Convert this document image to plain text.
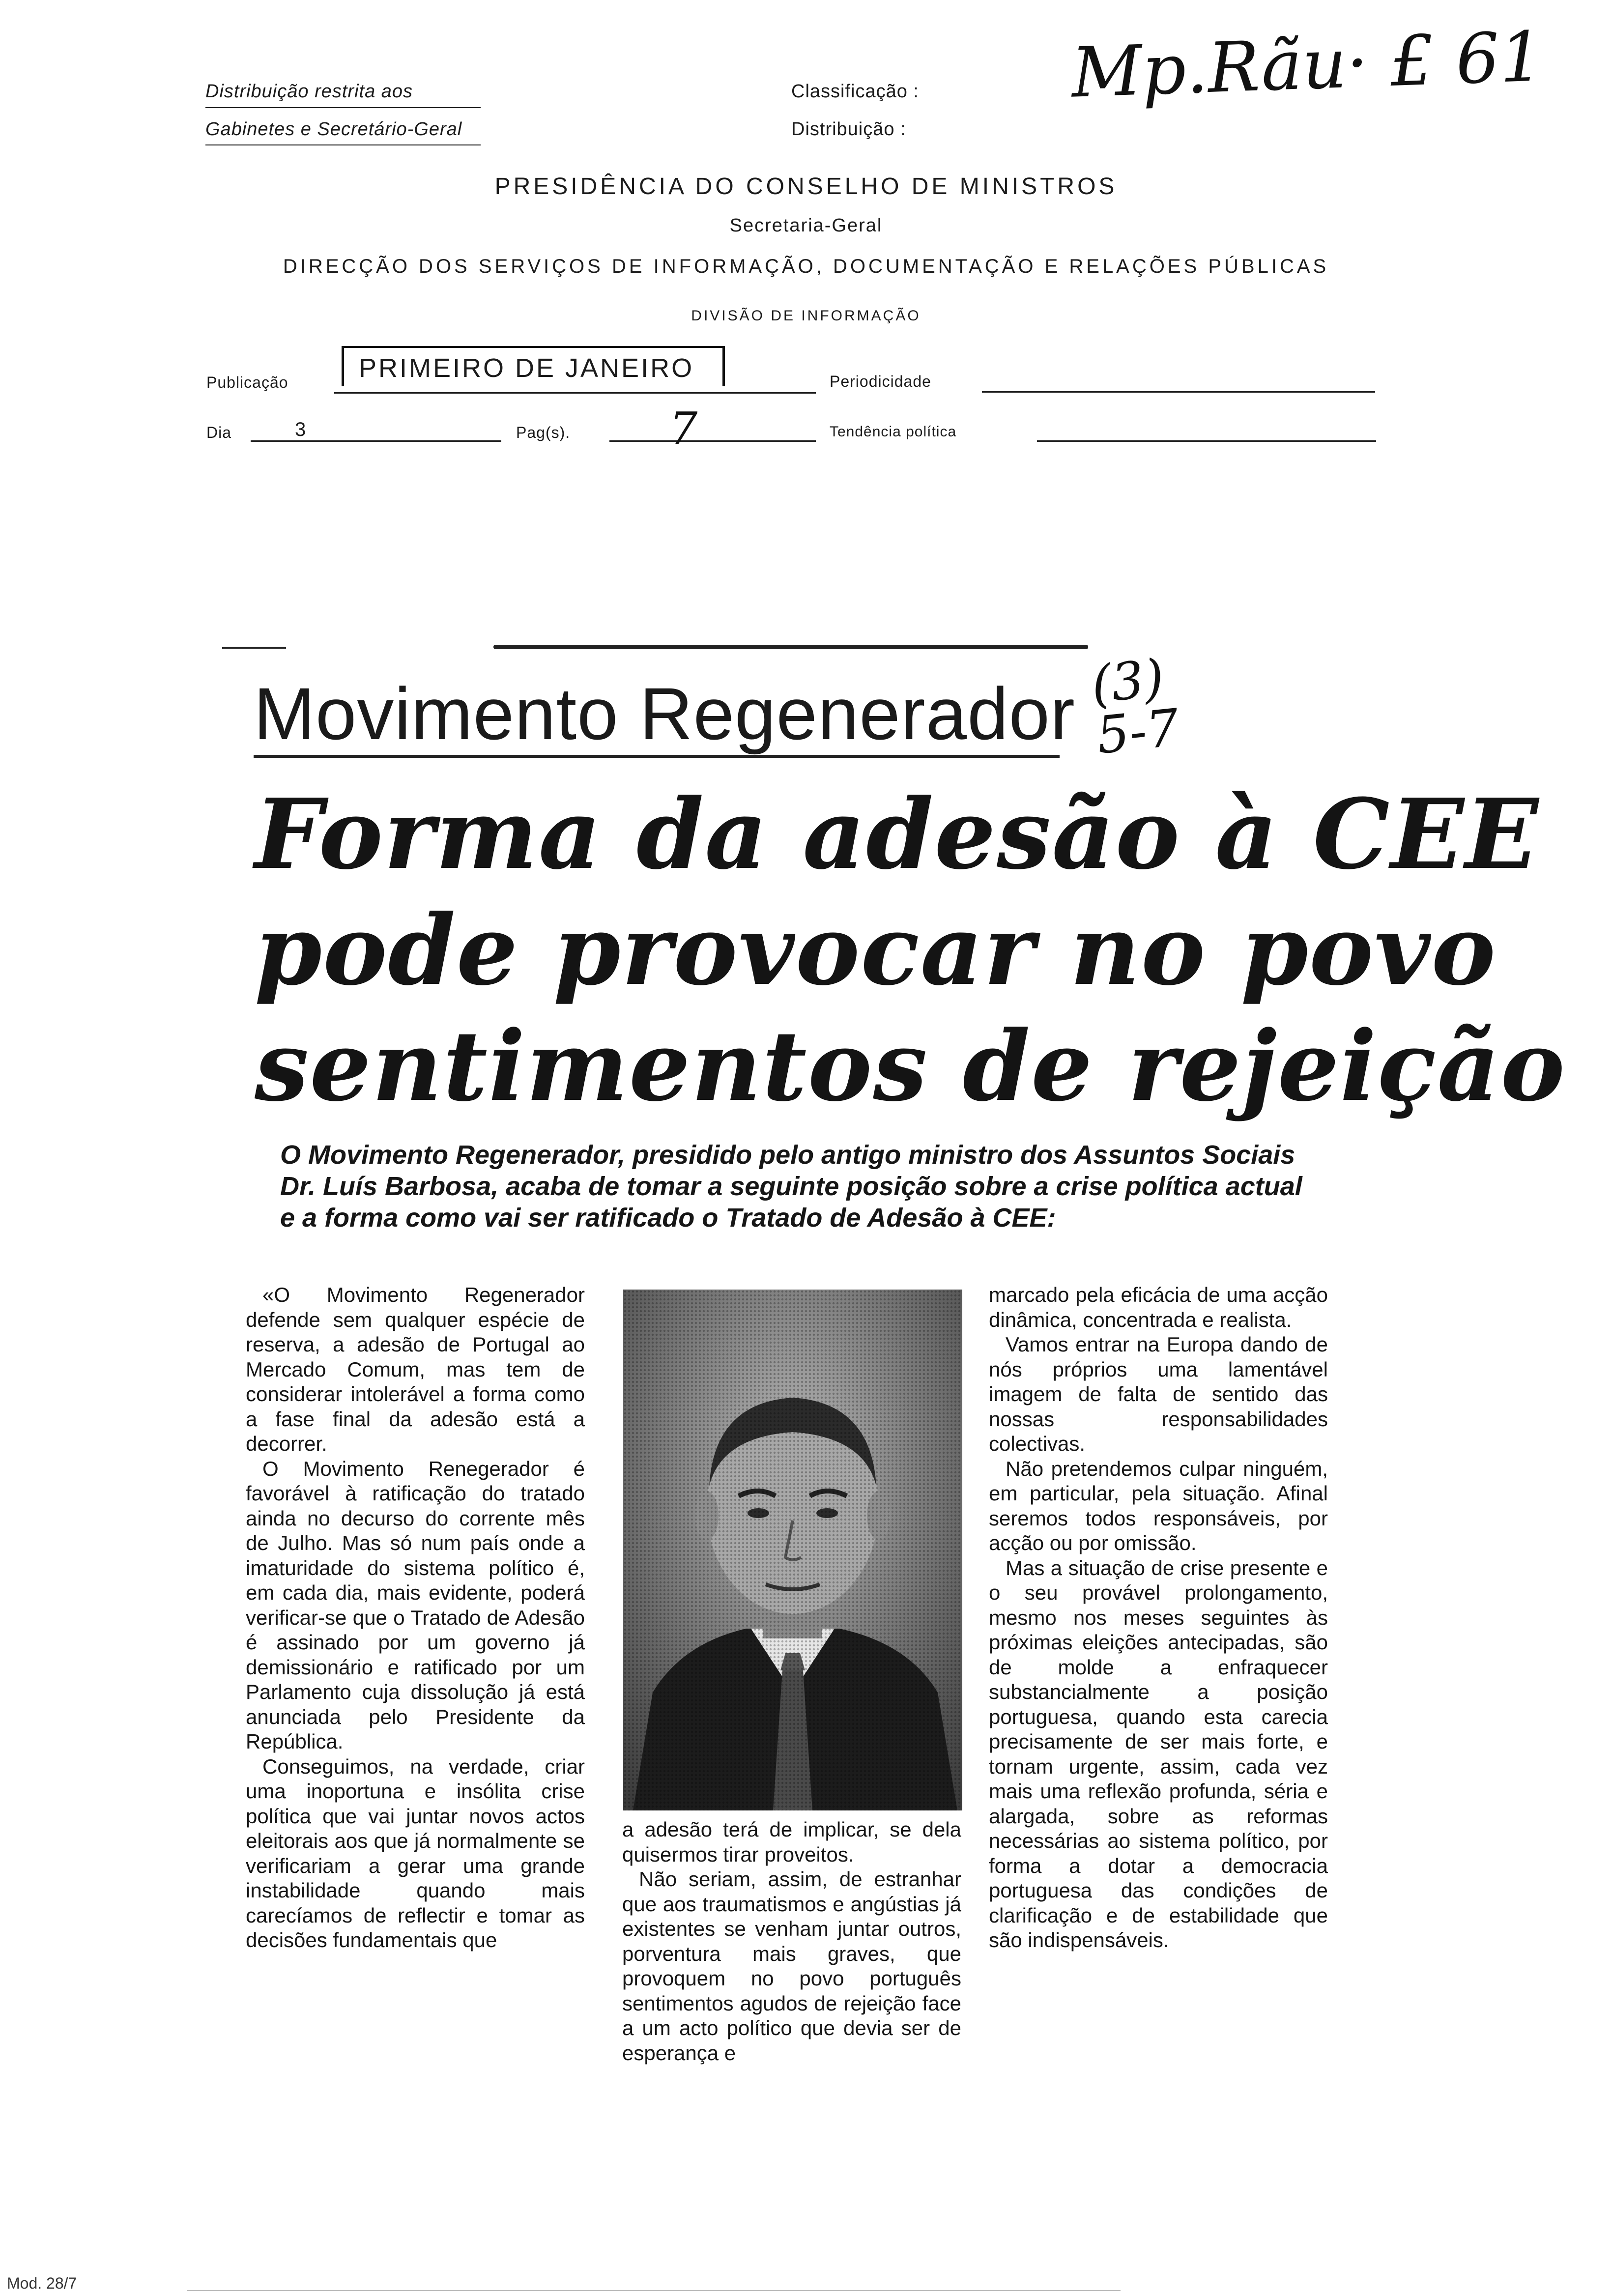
Distribuição restrita aos
Gabinetes e Secretário-Geral
Classificação :
Distribuição :
Mp.Rãu· £ 61
PRESIDÊNCIA DO CONSELHO DE MINISTROS
Secretaria-Geral
DIRECÇÃO DOS SERVIÇOS DE INFORMAÇÃO, DOCUMENTAÇÃO E RELAÇÕES PÚBLICAS
DIVISÃO DE INFORMAÇÃO
Publicação	PRIMEIRO DE JANEIRO	Periodicidade
Dia	3	Pag(s). 7	Tendência política
Movimento Regenerador (3) 5-7
Forma da adesão à CEE
pode provocar no povo
sentimentos de rejeição
O Movimento Regenerador, presidido pelo antigo ministro dos Assuntos Sociais Dr. Luís Barbosa, acaba de tomar a seguinte posição sobre a crise política actual e a forma como vai ser ratificado o Tratado de Adesão à CEE:

«O Movimento Regenerador defende sem qualquer espécie de reserva, a adesão de Portugal ao Mercado Comum, mas tem de considerar intolerável a forma como a fase final da adesão está a decorrer.

O Movimento Renegerador é favorável à ratificação do tratado ainda no decurso do corrente mês de Julho. Mas só num país onde a imaturidade do sistema político é, em cada dia, mais evidente, poderá verificar-se que o Tratado de Adesão é assinado por um governo já demissionário e ratificado por um Parlamento cuja dissolução já está anunciada pelo Presidente da República.

Conseguimos, na verdade, criar uma inoportuna e insólita crise política que vai juntar novos actos eleitorais aos que já normalmente se verificariam a gerar uma grande instabilidade quando mais carecíamos de reflectir e tomar as decisões fundamentais que

a adesão terá de implicar, se dela quisermos tirar proveitos.

Não seriam, assim, de estranhar que aos traumatismos e angústias já existentes se venham juntar outros, porventura mais graves, que provoquem no povo português sentimentos agudos de rejeição face a um acto político que devia ser de esperança e

marcado pela eficácia de uma acção dinâmica, concentrada e realista.

Vamos entrar na Europa dando de nós próprios uma lamentável imagem de falta de sentido das nossas responsabilidades colectivas.

Não pretendemos culpar ninguém, em particular, pela situação. Afinal seremos todos responsáveis, por acção ou por omissão.

Mas a situação de crise presente e o seu provável prolongamento, mesmo nos meses seguintes às próximas eleições antecipadas, são de molde a enfraquecer substancialmente a posição portuguesa, quando esta carecia precisamente de ser mais forte, e tornam urgente, assim, cada vez mais uma reflexão profunda, séria e alargada, sobre as reformas necessárias ao sistema político, por forma a dotar a democracia portuguesa das condições de clarificação e de estabilidade que são indispensáveis.

Mod. 28/7
